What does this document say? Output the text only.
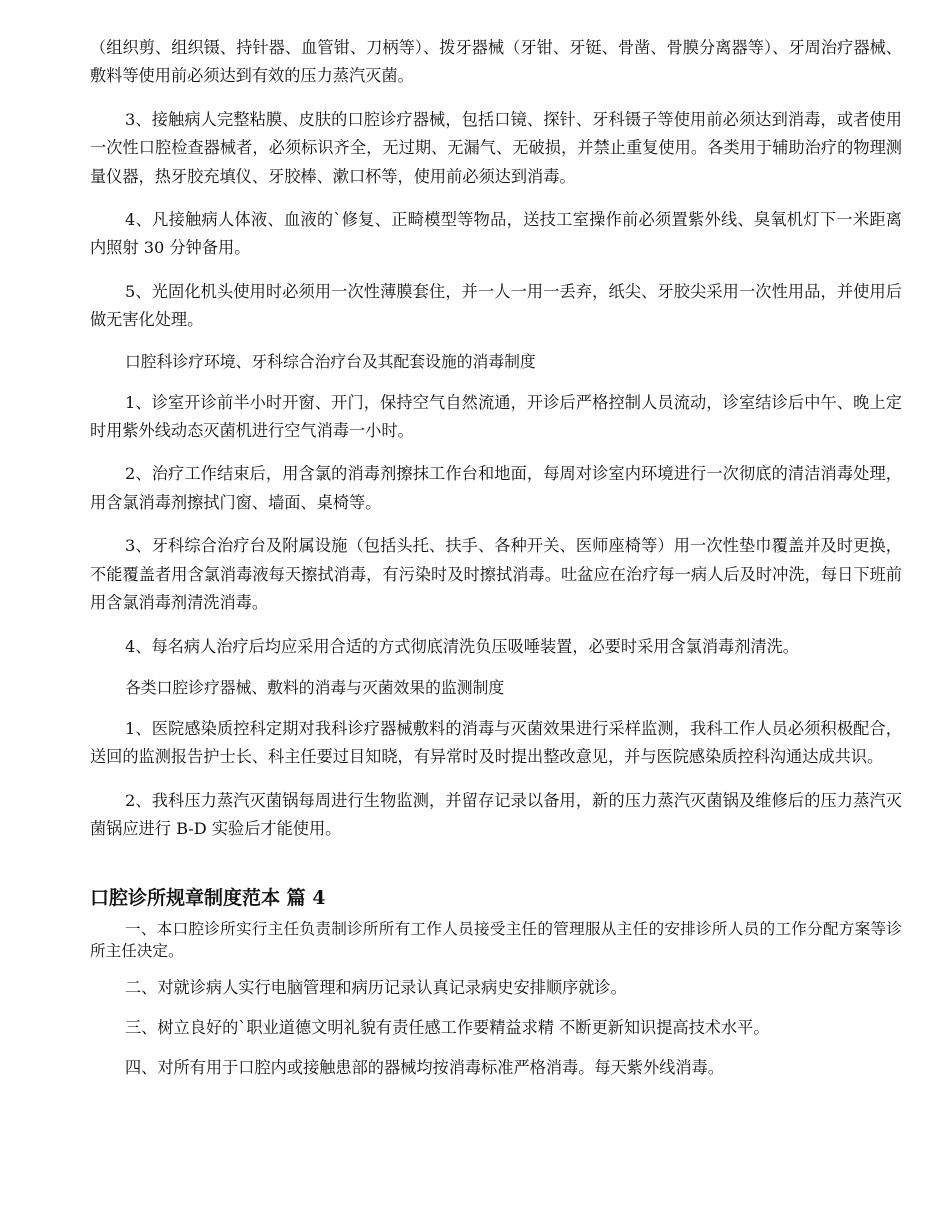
（组织剪、组织镊、持针器、血管钳、刀柄等）、拨牙器械（牙钳、牙铤、骨凿、骨膜分离器等）、牙周治疗器械、敷料等使用前必须达到有效的压力蒸汽灭菌。

3、接触病人完整粘膜、皮肤的口腔诊疗器械，包括口镜、探针、牙科镊子等使用前必须达到消毒，或者使用一次性口腔检查器械者，必须标识齐全，无过期、无漏气、无破损，并禁止重复使用。各类用于辅助治疗的物理测量仪器，热牙胶充填仪、牙胶棒、漱口杯等，使用前必须达到消毒。

4、凡接触病人体液、血液的`修复、正畸模型等物品，送技工室操作前必须置紫外线、臭氧机灯下一米距离内照射 30 分钟备用。

5、光固化机头使用时必须用一次性薄膜套住，并一人一用一丢弃，纸尖、牙胶尖采用一次性用品，并使用后做无害化处理。

口腔科诊疗环境、牙科综合治疗台及其配套设施的消毒制度

1、诊室开诊前半小时开窗、开门，保持空气自然流通，开诊后严格控制人员流动，诊室结诊后中午、晚上定时用紫外线动态灭菌机进行空气消毒一小时。

2、治疗工作结束后，用含氯的消毒剂擦抹工作台和地面，每周对诊室内环境进行一次彻底的清洁消毒处理，用含氯消毒剂擦拭门窗、墙面、桌椅等。

3、牙科综合治疗台及附属设施（包括头托、扶手、各种开关、医师座椅等）用一次性垫巾覆盖并及时更换，不能覆盖者用含氯消毒液每天擦拭消毒，有污染时及时擦拭消毒。吐盆应在治疗每一病人后及时冲洗，每日下班前用含氯消毒剂清洗消毒。

4、每名病人治疗后均应采用合适的方式彻底清洗负压吸唾装置，必要时采用含氯消毒剂清洗。

各类口腔诊疗器械、敷料的消毒与灭菌效果的监测制度

1、医院感染质控科定期对我科诊疗器械敷料的消毒与灭菌效果进行采样监测，我科工作人员必须积极配合，送回的监测报告护士长、科主任要过目知晓，有异常时及时提出整改意见，并与医院感染质控科沟通达成共识。

2、我科压力蒸汽灭菌锅每周进行生物监测，并留存记录以备用，新的压力蒸汽灭菌锅及维修后的压力蒸汽灭菌锅应进行 B-D 实验后才能使用。

口腔诊所规章制度范本 篇 4

一、本口腔诊所实行主任负责制诊所所有工作人员接受主任的管理服从主任的安排诊所人员的工作分配方案等诊所主任决定。

二、对就诊病人实行电脑管理和病历记录认真记录病史安排顺序就诊。

三、树立良好的`职业道德文明礼貌有责任感工作要精益求精 不断更新知识提高技术水平。

四、对所有用于口腔内或接触患部的器械均按消毒标准严格消毒。每天紫外线消毒。
